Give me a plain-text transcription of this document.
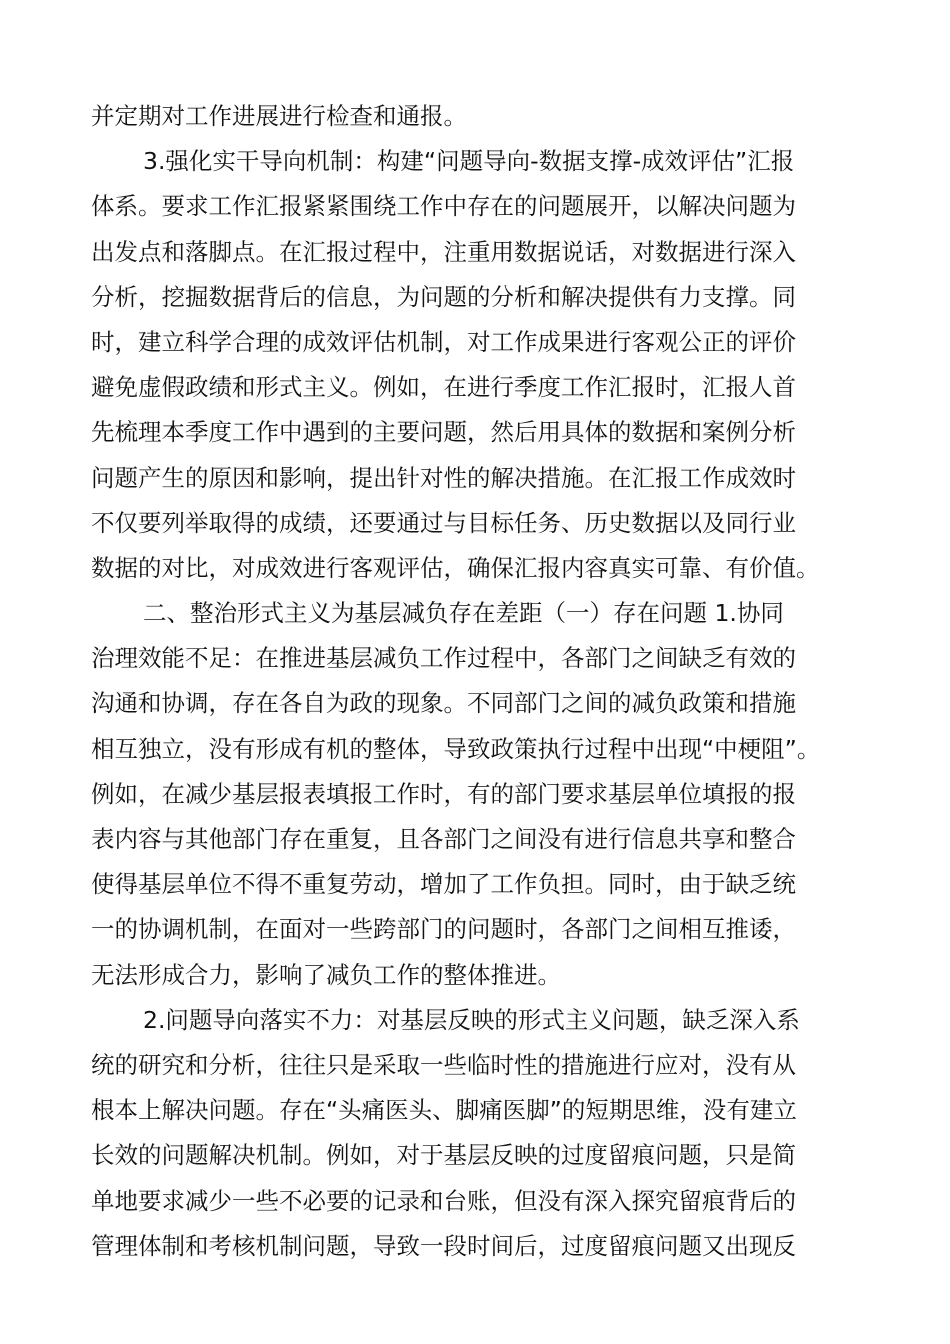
并定期对工作进展进行检查和通报。
3.强化实干导向机制：构建“问题导向-数据支撑-成效评估”汇报
体系。要求工作汇报紧紧围绕工作中存在的问题展开，以解决问题为
出发点和落脚点。在汇报过程中，注重用数据说话，对数据进行深入
分析，挖掘数据背后的信息，为问题的分析和解决提供有力支撑。同
时，建立科学合理的成效评估机制，对工作成果进行客观公正的评价
避免虚假政绩和形式主义。例如，在进行季度工作汇报时，汇报人首
先梳理本季度工作中遇到的主要问题，然后用具体的数据和案例分析
问题产生的原因和影响，提出针对性的解决措施。在汇报工作成效时
不仅要列举取得的成绩，还要通过与目标任务、历史数据以及同行业
数据的对比，对成效进行客观评估，确保汇报内容真实可靠、有价值。
二、整治形式主义为基层减负存在差距（一）存在问题 1.协同
治理效能不足：在推进基层减负工作过程中，各部门之间缺乏有效的
沟通和协调，存在各自为政的现象。不同部门之间的减负政策和措施
相互独立，没有形成有机的整体，导致政策执行过程中出现“中梗阻”。
例如，在减少基层报表填报工作时，有的部门要求基层单位填报的报
表内容与其他部门存在重复，且各部门之间没有进行信息共享和整合
使得基层单位不得不重复劳动，增加了工作负担。同时，由于缺乏统
一的协调机制，在面对一些跨部门的问题时，各部门之间相互推诿，
无法形成合力，影响了减负工作的整体推进。
2.问题导向落实不力：对基层反映的形式主义问题，缺乏深入系
统的研究和分析，往往只是采取一些临时性的措施进行应对，没有从
根本上解决问题。存在“头痛医头、脚痛医脚”的短期思维，没有建立
长效的问题解决机制。例如，对于基层反映的过度留痕问题，只是简
单地要求减少一些不必要的记录和台账，但没有深入探究留痕背后的
管理体制和考核机制问题，导致一段时间后，过度留痕问题又出现反
